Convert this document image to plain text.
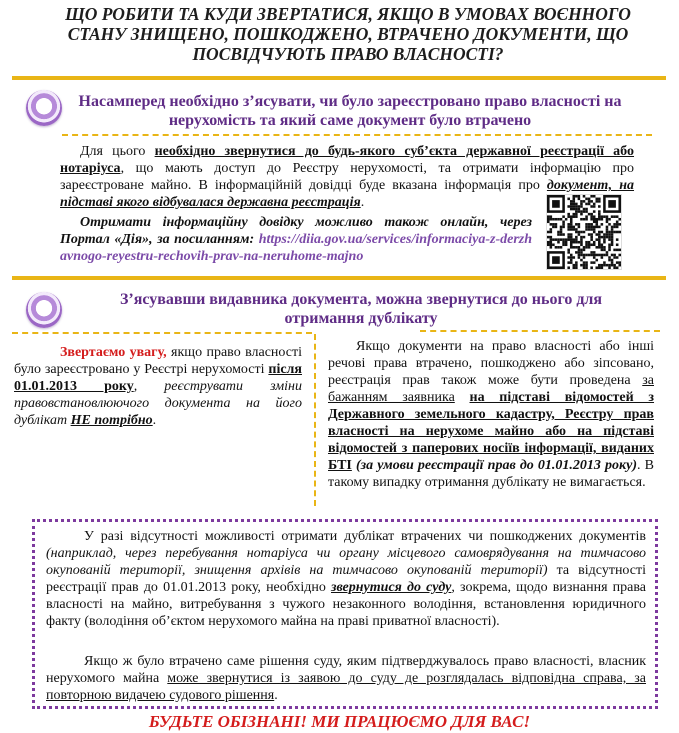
ЩО РОБИТИ ТА КУДИ ЗВЕРТАТИСЯ, ЯКЩО В УМОВАХ ВОЄННОГО СТАНУ ЗНИЩЕНО, ПОШКОДЖЕНО, ВТРАЧЕНО ДОКУМЕНТИ, ЩО ПОСВІДЧУЮТЬ ПРАВО ВЛАСНОСТІ?
Насамперед необхідно з’ясувати, чи було зареєстровано право власності на нерухомість та який саме документ було втрачено
Для цього необхідно звернутися до будь-якого суб’єкта державної реєстрації або нотаріуса, що мають доступ до Реєстру нерухомості, та отримати інформацію про зареєстроване майно. В інформаційній довідці буде вказана інформація про документ, на підставі якого відбувалася державна реєстрація.
Отримати інформаційну довідку можливо також онлайн, через Портал «Дія», за посиланням: https://diia.gov.ua/services/informaciya-z-derzhavnogo-reyestru-rechovih-prav-na-neruhome-majno
З’ясувавши видавника документа, можна звернутися до нього для отримання дублікату
Звертаємо увагу, якщо право власності було зареєстровано у Реєстрі нерухомості після 01.01.2013 року, реєструвати зміни правовстановлюючого документа на його дублікат НЕ потрібно.
Якщо документи на право власності або інші речові права втрачено, пошкоджено або зіпсовано, реєстрація прав також може бути проведена за бажанням заявника на підставі відомостей з Державного земельного кадастру, Реєстру прав власності на нерухоме майно або на підставі відомостей з паперових носіїв інформації, виданих БТІ (за умови реєстрації прав до 01.01.2013 року). В такому випадку отримання дублікату не вимагається.
У разі відсутності можливості отримати дублікат втрачених чи пошкоджених документів (наприклад, через перебування нотаріуса чи органу місцевого самоврядування на тимчасово окупованій території, знищення архівів на тимчасово окупованій території) та відсутності реєстрації прав до 01.01.2013 року, необхідно звернутися до суду, зокрема, щодо визнання права власності на майно, витребування з чужого незаконного володіння, встановлення юридичного факту (володіння об’єктом нерухомого майна на праві приватної власності).
Якщо ж було втрачено саме рішення суду, яким підтверджувалось право власності, власник нерухомого майна може звернутися із заявою до суду де розглядалась відповідна справа, за повторною видачею судового рішення.
БУДЬТЕ ОБІЗНАНІ! МИ ПРАЦЮЄМО ДЛЯ ВАС!
